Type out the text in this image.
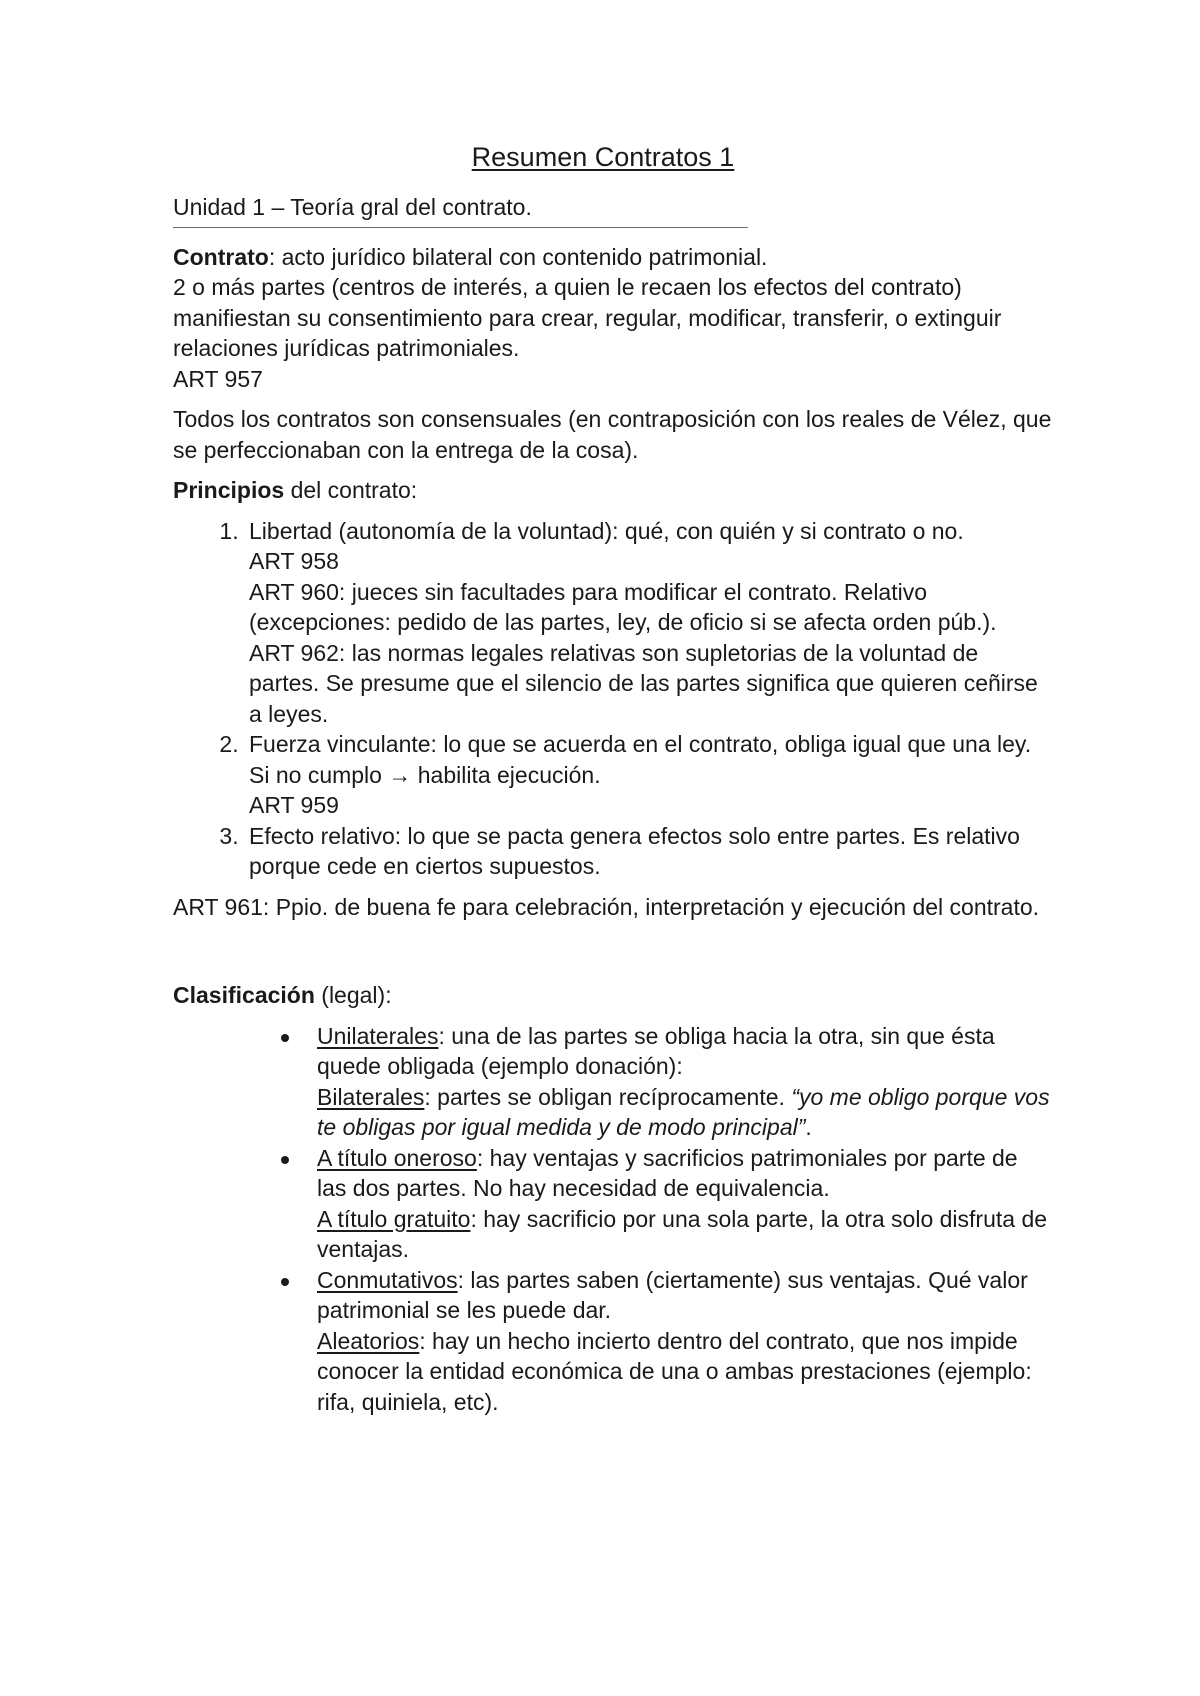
Resumen Contratos 1
Unidad 1 – Teoría gral del contrato.

Contrato: acto jurídico bilateral con contenido patrimonial.
2 o más partes (centros de interés, a quien le recaen los efectos del contrato) manifiestan su consentimiento para crear, regular, modificar, transferir, o extinguir relaciones jurídicas patrimoniales.
ART 957

Todos los contratos son consensuales (en contraposición con los reales de Vélez, que se perfeccionaban con la entrega de la cosa).

Principios del contrato:

1. Libertad (autonomía de la voluntad): qué, con quién y si contrato o no.
ART 958
ART 960: jueces sin facultades para modificar el contrato. Relativo (excepciones: pedido de las partes, ley, de oficio si se afecta orden púb.).
ART 962: las normas legales relativas son supletorias de la voluntad de partes. Se presume que el silencio de las partes significa que quieren ceñirse a leyes.
2. Fuerza vinculante: lo que se acuerda en el contrato, obliga igual que una ley. Si no cumplo → habilita ejecución.
ART 959
3. Efecto relativo: lo que se pacta genera efectos solo entre partes. Es relativo porque cede en ciertos supuestos.

ART 961: Ppio. de buena fe para celebración, interpretación y ejecución del contrato.

Clasificación (legal):

Unilaterales: una de las partes se obliga hacia la otra, sin que ésta quede obligada (ejemplo donación):
Bilaterales: partes se obligan recíprocamente. “yo me obligo porque vos te obligas por igual medida y de modo principal”.
A título oneroso: hay ventajas y sacrificios patrimoniales por parte de las dos partes. No hay necesidad de equivalencia.
A título gratuito: hay sacrificio por una sola parte, la otra solo disfruta de ventajas.
Conmutativos: las partes saben (ciertamente) sus ventajas. Qué valor patrimonial se les puede dar.
Aleatorios: hay un hecho incierto dentro del contrato, que nos impide conocer la entidad económica de una o ambas prestaciones (ejemplo: rifa, quiniela, etc).
